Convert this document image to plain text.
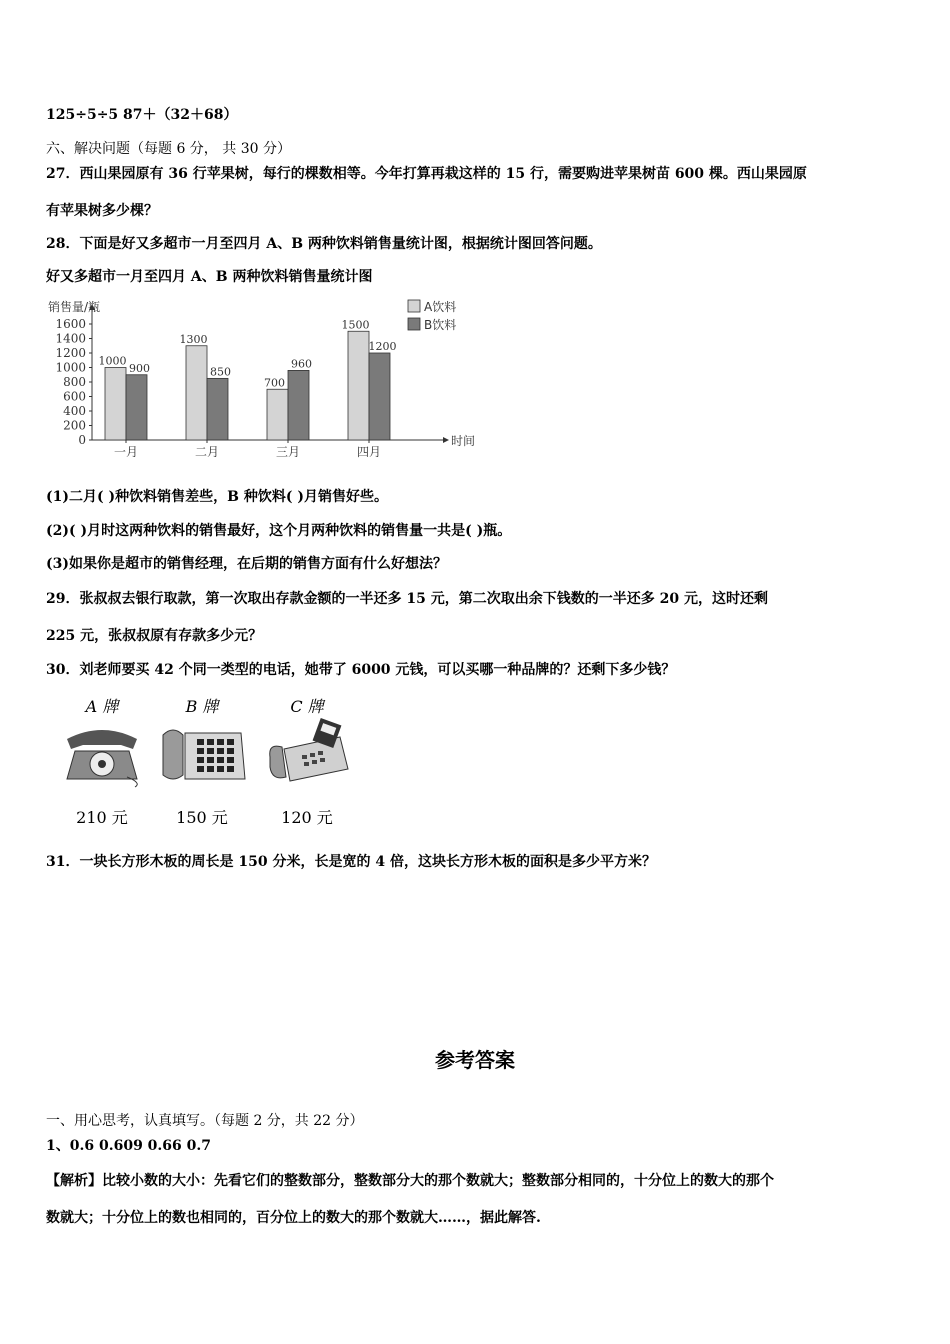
125÷5÷5 87＋（32＋68）
六、解决问题（每题 6 分， 共 30 分）
27．西山果园原有 36 行苹果树，每行的棵数相等。今年打算再栽这样的 15 行，需要购进苹果树苗 600 棵。西山果园原
有苹果树多少棵？
28．下面是好又多超市一月至四月 A、B 两种饮料销售量统计图，根据统计图回答问题。
好又多超市一月至四月 A、B 两种饮料销售量统计图
销售量/瓶
时间
0
200
400
600
800
1000
1200
1400
1600
1000
900
一月
1300
850
二月
700
960
三月
1500
1200
四月
A饮料
B饮料
(1)二月( )种饮料销售差些，B 种饮料( )月销售好些。
(2)( )月时这两种饮料的销售最好，这个月两种饮料的销售量一共是( )瓶。
(3)如果你是超市的销售经理，在后期的销售方面有什么好想法？
29．张叔叔去银行取款，第一次取出存款金额的一半还多 15 元，第二次取出余下钱数的一半还多 20 元，这时还剩
225 元，张叔叔原有存款多少元？
30．刘老师要买 42 个同一类型的电话，她带了 6000 元钱，可以买哪一种品牌的？还剩下多少钱？
A 牌
210 元
B 牌
150 元
C 牌
120 元
31．一块长方形木板的周长是 150 分米，长是宽的 4 倍，这块长方形木板的面积是多少平方米？
参考答案
一、用心思考，认真填写。（每题 2 分，共 22 分）
1、0.6 0.609 0.66 0.7
【解析】比较小数的大小：先看它们的整数部分，整数部分大的那个数就大；整数部分相同的，十分位上的数大的那个
数就大；十分位上的数也相同的，百分位上的数大的那个数就大……，据此解答.
